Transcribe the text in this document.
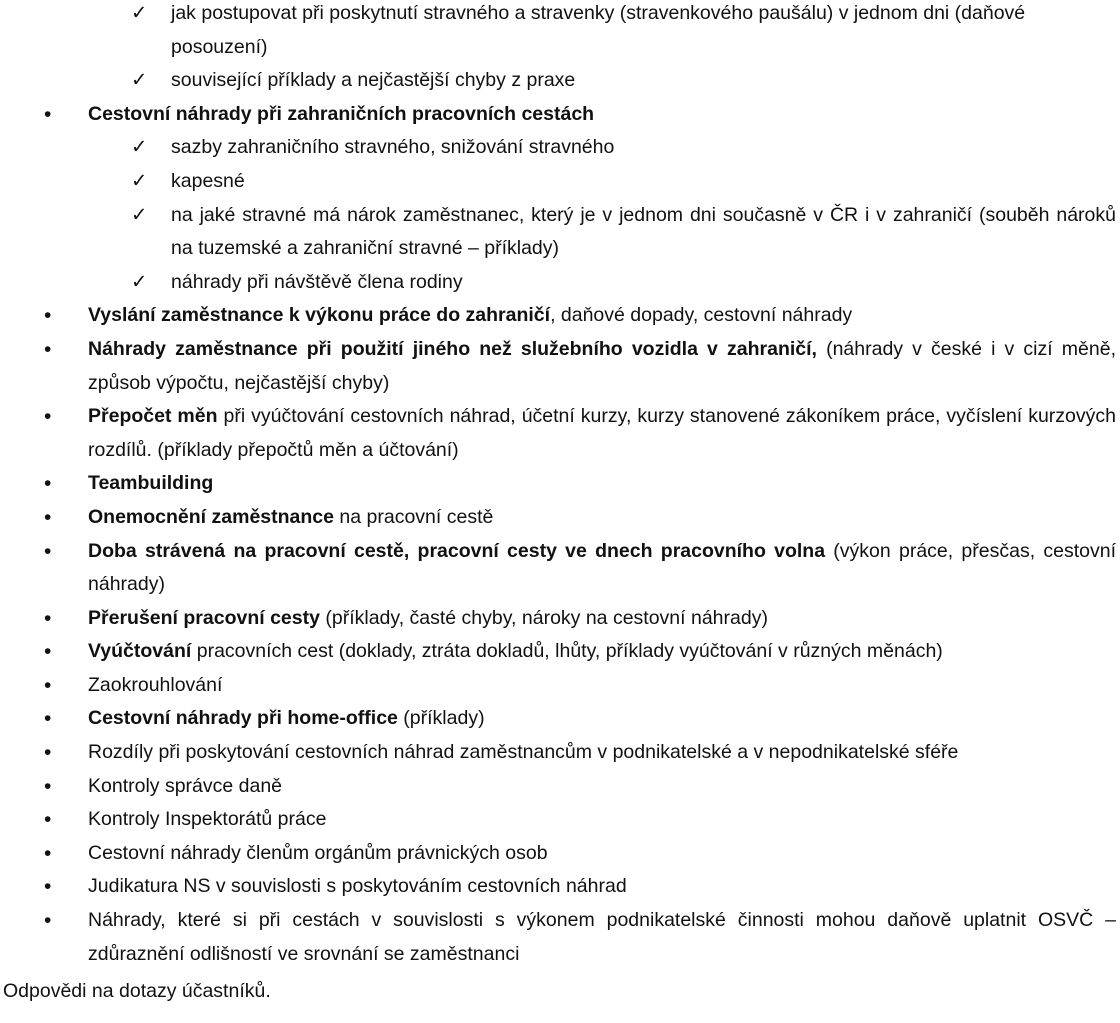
✓	jak postupovat při poskytnutí stravného a stravenky (stravenkového paušálu) v jednom dni (daňové posouzení)
✓	související příklady a nejčastější chyby z praxe
•	Cestovní náhrady při zahraničních pracovních cestách
✓	sazby zahraničního stravného, snižování stravného
✓	kapesné
✓	na jaké stravné má nárok zaměstnanec, který je v jednom dni současně v ČR i v zahraničí (souběh nároků na tuzemské a zahraniční stravné – příklady)
✓	náhrady při návštěvě člena rodiny
•	Vyslání zaměstnance k výkonu práce do zahraničí, daňové dopady, cestovní náhrady
•	Náhrady zaměstnance při použití jiného než služebního vozidla v zahraničí, (náhrady v české i v cizí měně, způsob výpočtu, nejčastější chyby)
•	Přepočet měn při vyúčtování cestovních náhrad, účetní kurzy, kurzy stanovené zákoníkem práce, vyčíslení kurzových rozdílů. (příklady přepočtů měn a účtování)
•	Teambuilding
•	Onemocnění zaměstnance na pracovní cestě
•	Doba strávená na pracovní cestě, pracovní cesty ve dnech pracovního volna (výkon práce, přesčas, cestovní náhrady)
•	Přerušení pracovní cesty (příklady, časté chyby, nároky na cestovní náhrady)
•	Vyúčtování pracovních cest (doklady, ztráta dokladů, lhůty, příklady vyúčtování v různých měnách)
•	Zaokrouhlování
•	Cestovní náhrady při home-office (příklady)
•	Rozdíly při poskytování cestovních náhrad zaměstnancům v podnikatelské a v nepodnikatelské sféře
•	Kontroly správce daně
•	Kontroly Inspektorátů práce
•	Cestovní náhrady členům orgánům právnických osob
•	Judikatura NS v souvislosti s poskytováním cestovních náhrad
•	Náhrady, které si při cestách v souvislosti s výkonem podnikatelské činnosti mohou daňově uplatnit OSVČ – zdůraznění odlišností ve srovnání se zaměstnanci

Odpovědi na dotazy účastníků.
